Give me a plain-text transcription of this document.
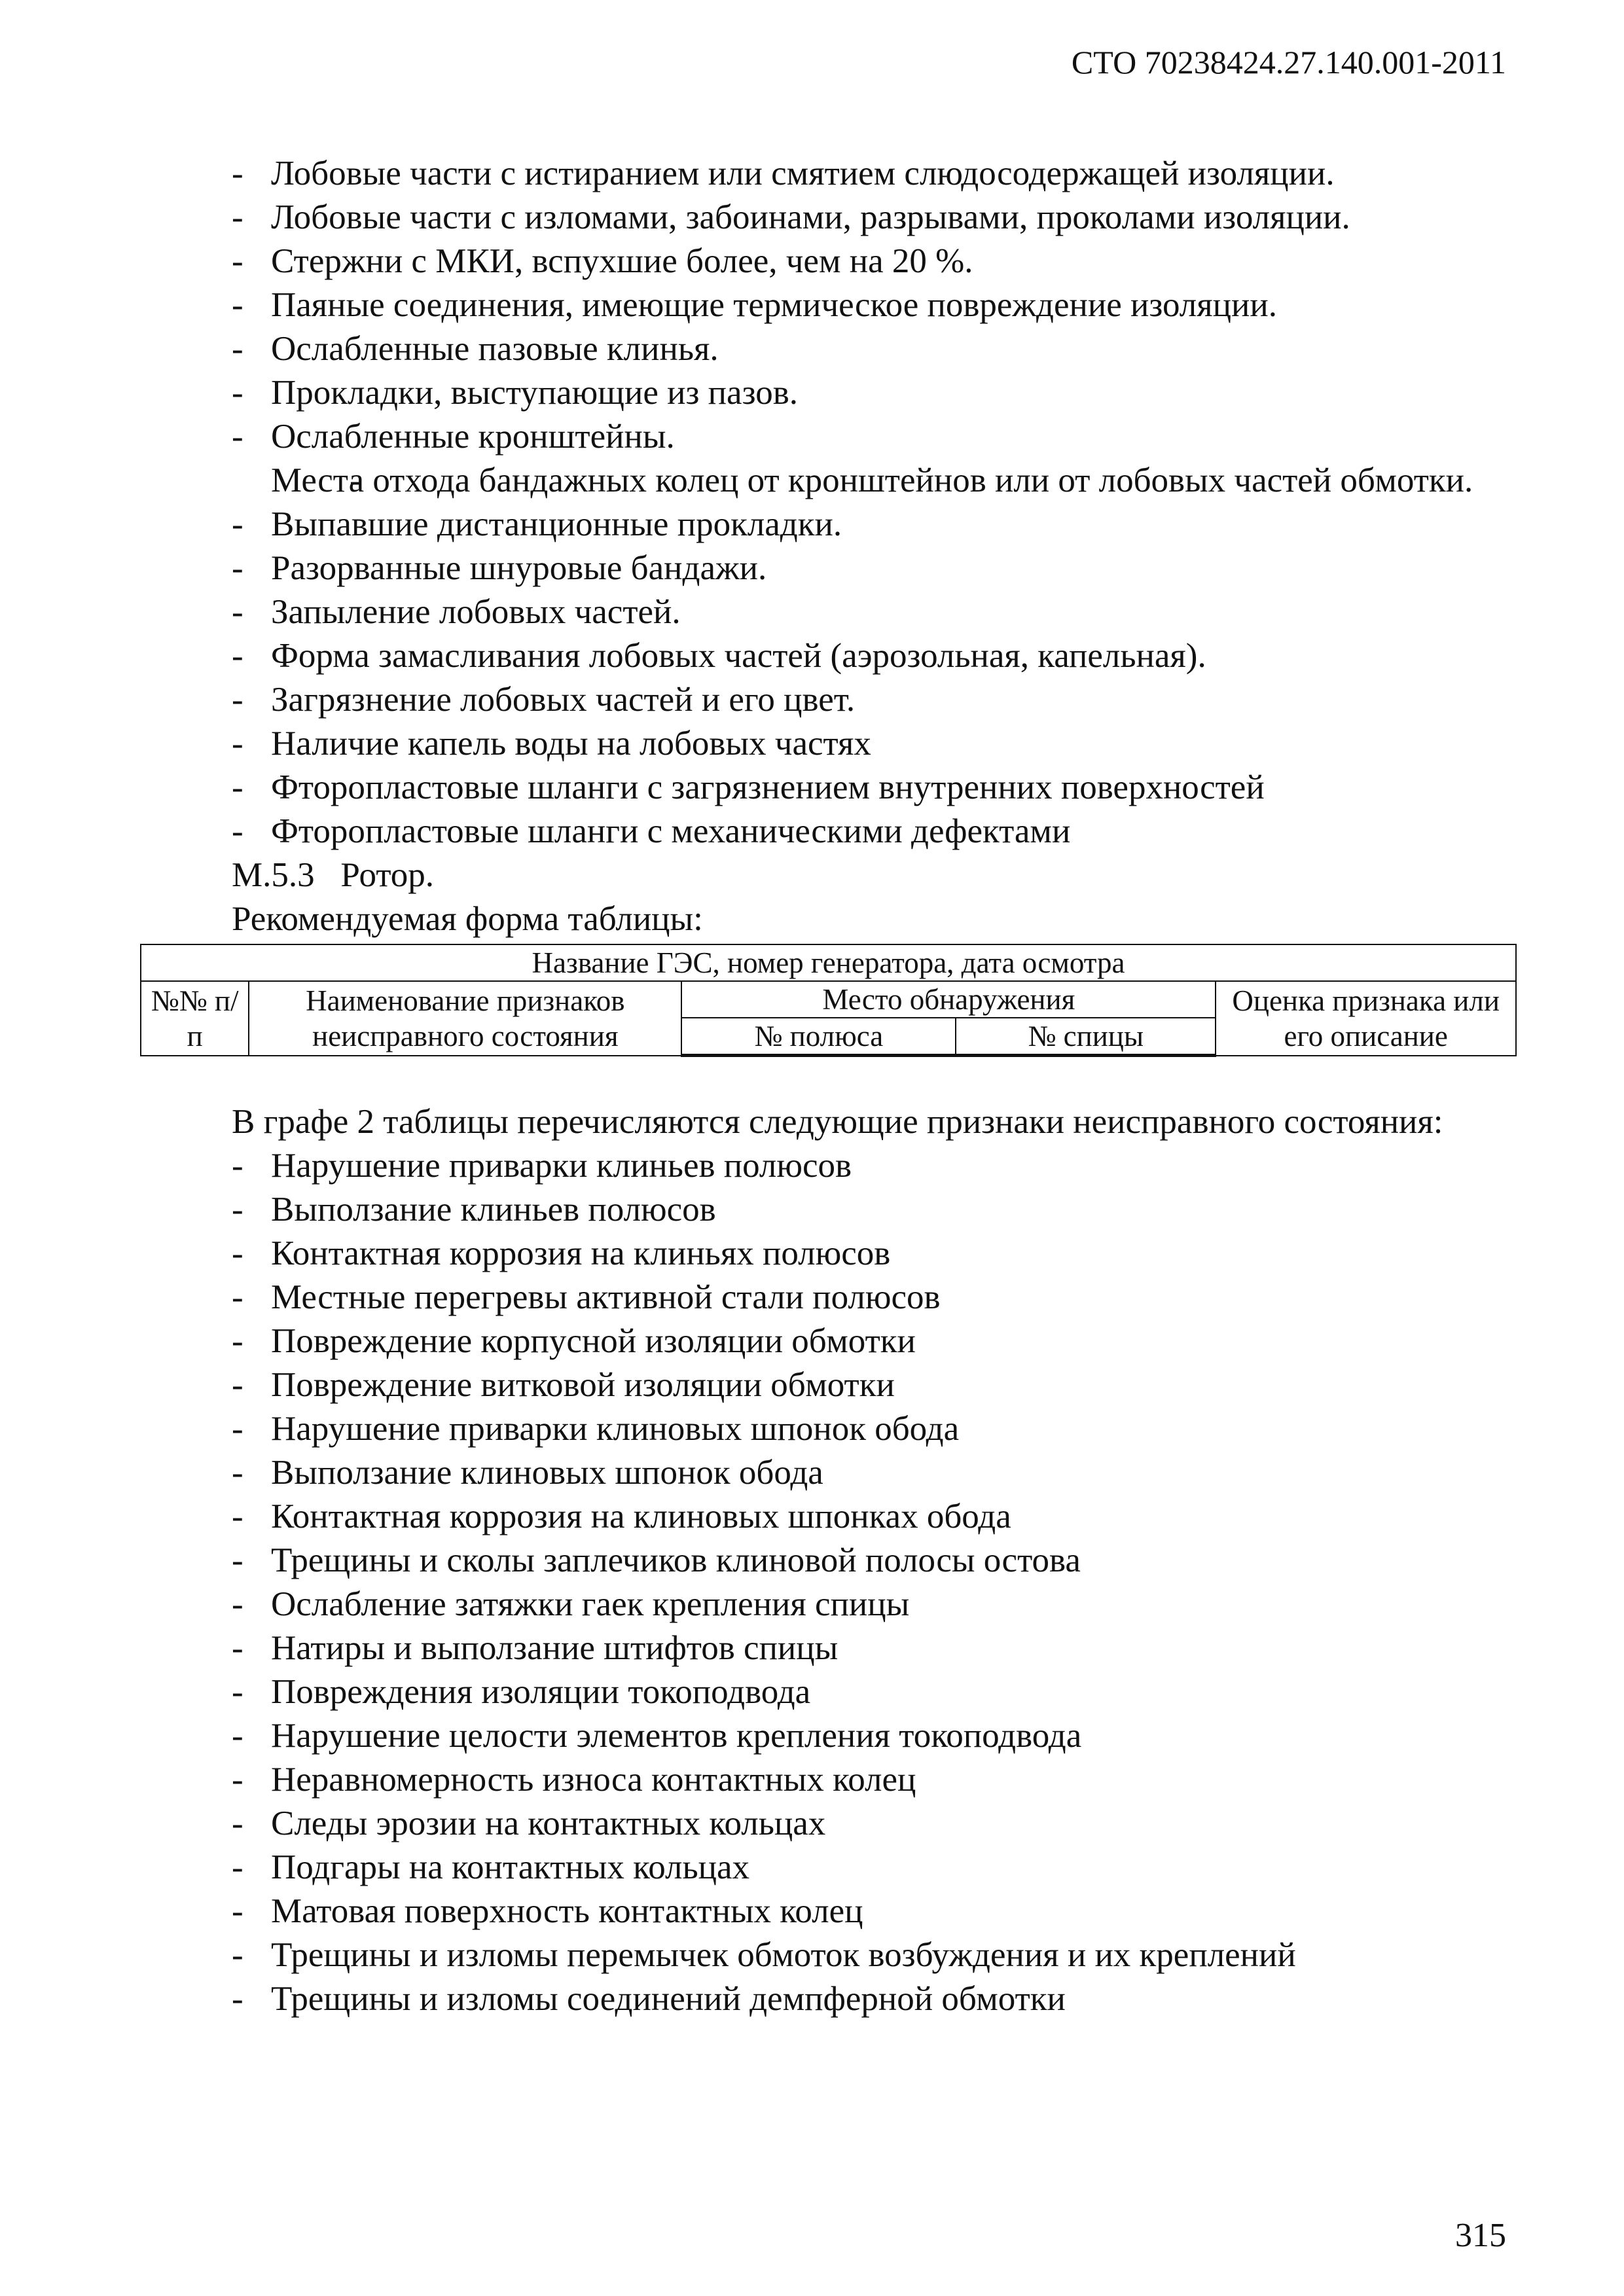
СТО 70238424.27.140.001-2011
- Лобовые части с истиранием или смятием слюдосодержащей изоляции.
- Лобовые части с изломами, забоинами, разрывами, проколами изоляции.
- Стержни с МКИ, вспухшие более, чем на 20 %.
- Паяные соединения, имеющие термическое повреждение изоляции.
- Ослабленные пазовые клинья.
- Прокладки, выступающие из пазов.
- Ослабленные кронштейны.
- Места отхода бандажных колец от кронштейнов или от лобовых частей обмотки.
- Выпавшие дистанционные прокладки.
- Разорванные шнуровые бандажи.
- Запыление лобовых частей.
- Форма замасливания лобовых частей (аэрозольная, капельная).
- Загрязнение лобовых частей и его цвет.
- Наличие капель воды на лобовых частях
- Фторопластовые шланги с загрязнением внутренних поверхностей
- Фторопластовые шланги с механическими дефектами
М.5.3   Ротор.
Рекомендуемая форма таблицы:
Название ГЭС, номер генератора, дата осмотра				
№№ п/п	Наименование признаков неисправного состояния	Место обнаружения		Оценка признака или его описание
		№ полюса	№ спицы	

В графе 2 таблицы перечисляются следующие признаки неисправного состояния:

- Нарушение приварки клиньев полюсов
- Выползание клиньев полюсов
- Контактная коррозия на клиньях полюсов
- Местные перегревы активной стали полюсов
- Повреждение корпусной изоляции обмотки
- Повреждение витковой изоляции обмотки
- Нарушение приварки клиновых шпонок обода
- Выползание клиновых шпонок обода
- Контактная коррозия на клиновых шпонках обода
- Трещины и сколы заплечиков клиновой полосы остова
- Ослабление затяжки гаек крепления спицы
- Натиры и выползание штифтов спицы
- Повреждения изоляции токоподвода
- Нарушение целости элементов крепления токоподвода
- Неравномерность износа контактных колец
- Следы эрозии на контактных кольцах
- Подгары на контактных кольцах
- Матовая поверхность контактных колец
- Трещины и изломы перемычек обмоток возбуждения и их креплений
- Трещины и изломы соединений демпферной обмотки
315
